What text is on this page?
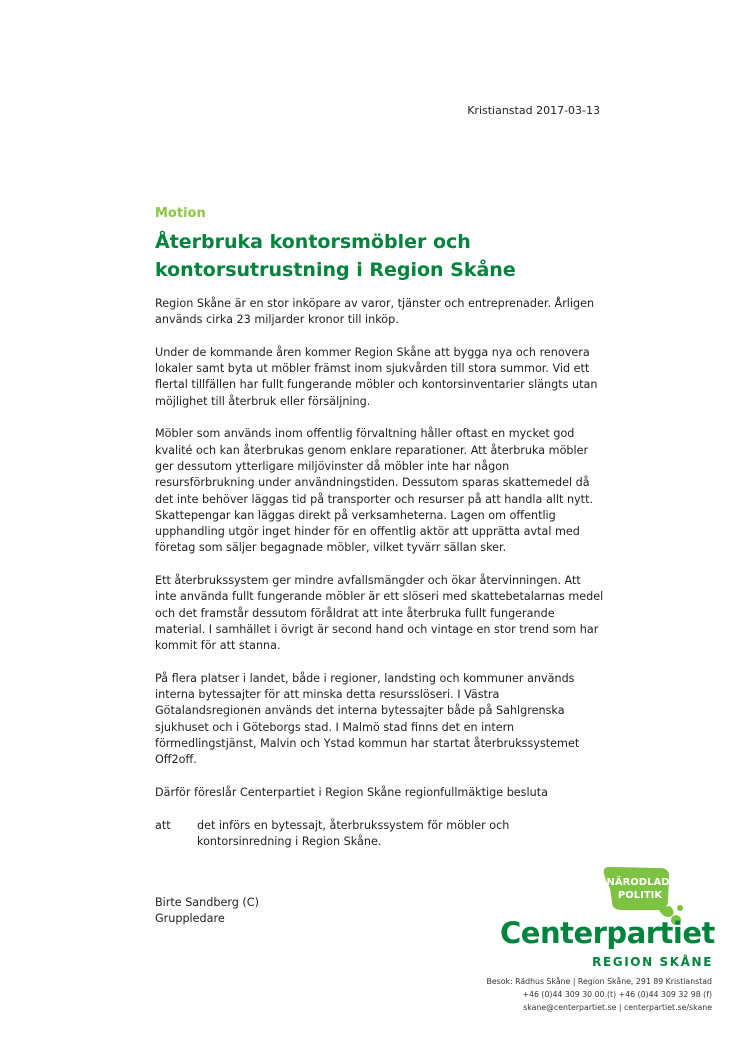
Kristianstad 2017-03-13
Motion
Återbruka kontorsmöbler och kontorsutrustning i Region Skåne

Region Skåne är en stor inköpare av varor, tjänster och entreprenader. Årligen används cirka 23 miljarder kronor till inköp.

Under de kommande åren kommer Region Skåne att bygga nya och renovera lokaler samt byta ut möbler främst inom sjukvården till stora summor. Vid ett flertal tillfällen har fullt fungerande möbler och kontorsinventarier slängts utan möjlighet till återbruk eller försäljning.

Möbler som används inom offentlig förvaltning håller oftast en mycket god kvalité och kan återbrukas genom enklare reparationer. Att återbruka möbler ger dessutom ytterligare miljövinster då möbler inte har någon resursförbrukning under användningstiden. Dessutom sparas skattemedel då det inte behöver läggas tid på transporter och resurser på att handla allt nytt. Skattepengar kan läggas direkt på verksamheterna. Lagen om offentlig upphandling utgör inget hinder för en offentlig aktör att upprätta avtal med företag som säljer begagnade möbler, vilket tyvärr sällan sker.

Ett återbrukssystem ger mindre avfallsmängder och ökar återvinningen. Att inte använda fullt fungerande möbler är ett slöseri med skattebetalarnas medel och det framstår dessutom föråldrat att inte återbruka fullt fungerande material. I samhället i övrigt är second hand och vintage en stor trend som har kommit för att stanna.

På flera platser i landet, både i regioner, landsting och kommuner används interna bytessajter för att minska detta resursslöseri. I Västra Götalandsregionen används det interna bytessajter både på Sahlgrenska sjukhuset och i Göteborgs stad. I Malmö stad finns det en intern förmedlingstjänst, Malvin och Ystad kommun har startat återbrukssystemet Off2off.

Därför föreslår Centerpartiet i Region Skåne regionfullmäktige besluta

att	det införs en bytessajt, återbrukssystem för möbler och kontorsinredning i Region Skåne.

Birte Sandberg (C)

Gruppledare

NÄRODLAD
POLITIK
Centerpartiet
REGION SKÅNE
Besok: Rädhus Skåne | Region Skåne, 291 89 Kristianstad
+46 (0)44 309 30 00 (t) +46 (0)44 309 32 98 (f)
skane@centerpartiet.se | centerpartiet.se/skane
